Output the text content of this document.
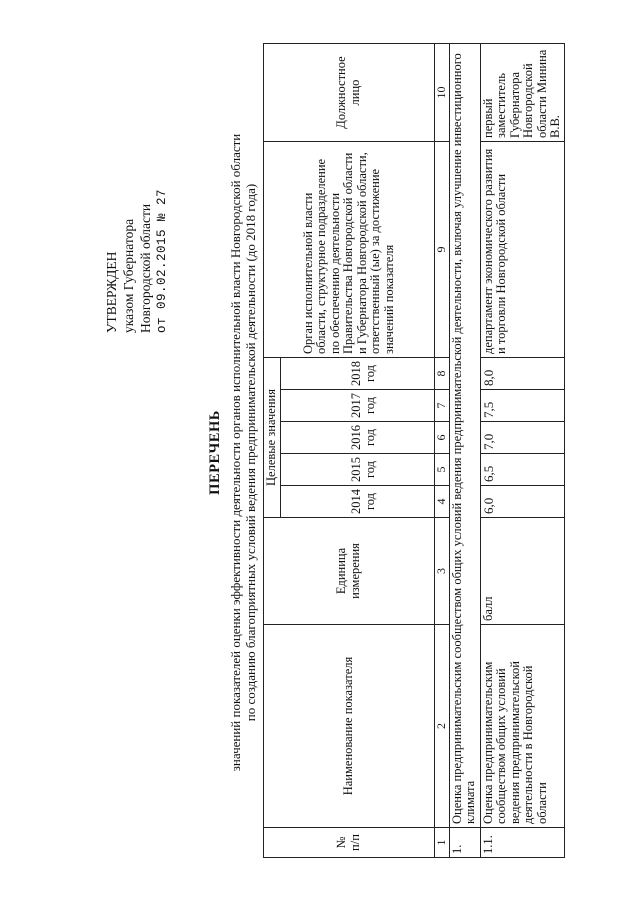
УТВЕРЖДЕН указом Губернатора Новгородской области от 09.02.2015 № 27
ПЕРЕЧЕНЬ значений показателей оценки эффективности деятельности органов исполнительной власти Новгородской области по созданию благоприятных условий ведения предпринимательской деятельности (до 2018 года)
№ п/п	Наименование показателя	Единица измерения	Целевые значения					Орган исполнительной власти области, структурное подразделение по обеспечению деятельности Правительства Новгородской области и Губернатора Новгородской области, ответственный (ые) за достижение значений показателя	Должностное лицо
			2014 год	2015 год	2016 год	2017 год	2018 год		
1	2	3	4	5	6	7	8	9	10
1.	Оценка предпринимательским сообществом общих условий ведения предпринимательской деятельности, включая улучшение инвестиционного климата								
1.1.	Оценка предпринимательским сообществом общих условий ведения предпринимательской деятельности в Новгородской области	балл	6,0	6,5	7,0	7,5	8,0	департамент экономического развития и торговли Новгородской области	первый заместитель Губернатора Новгородской области Минина В.В.
